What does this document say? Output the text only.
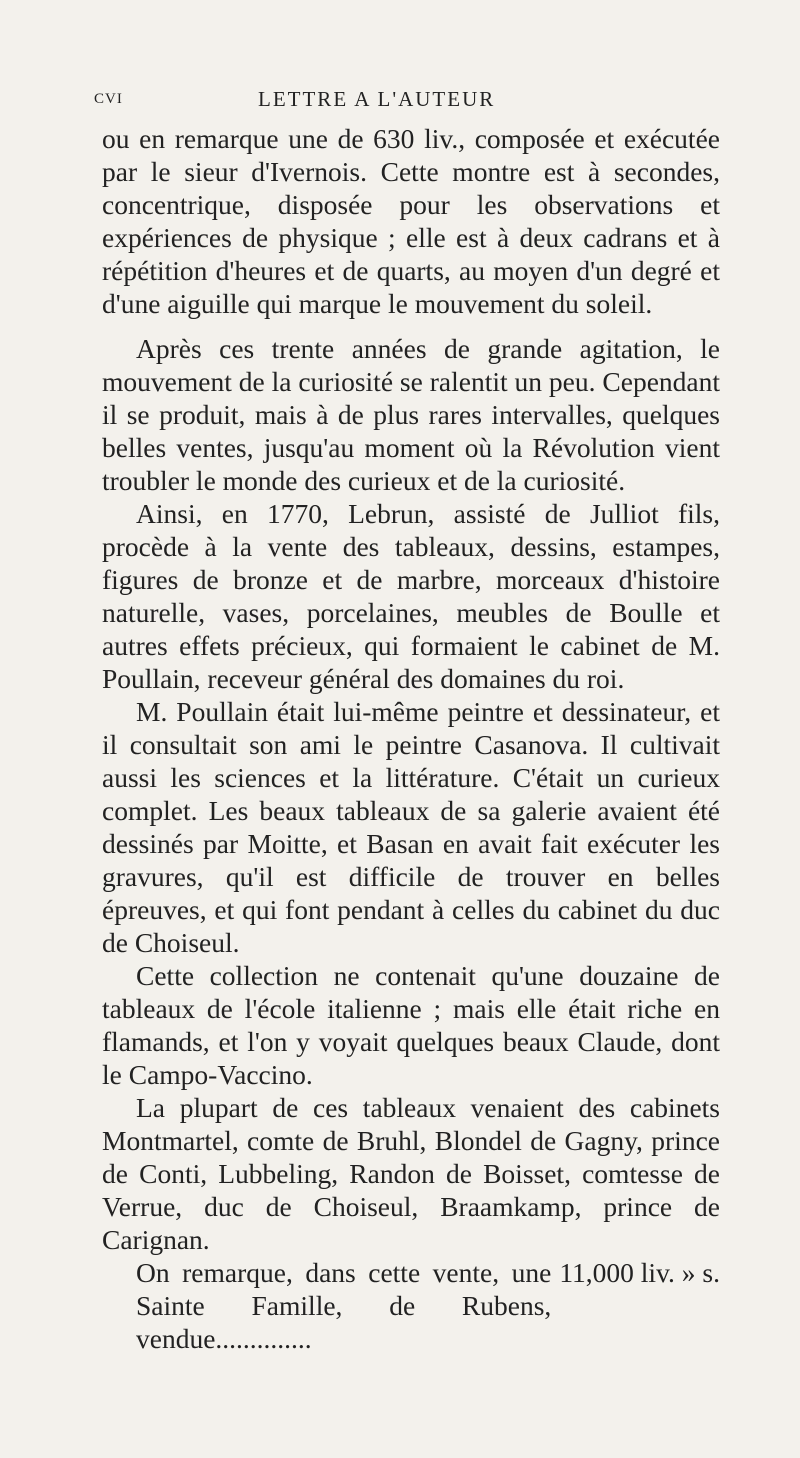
CVI	LETTRE A L'AUTEUR

ou en remarque une de 630 liv., composée et exécutée par le sieur d'Ivernois. Cette montre est à secondes, concentrique, disposée pour les observations et expériences de physique ; elle est à deux cadrans et à répétition d'heures et de quarts, au moyen d'un degré et d'une aiguille qui marque le mouvement du soleil.

Après ces trente années de grande agitation, le mouvement de la curiosité se ralentit un peu. Cependant il se produit, mais à de plus rares intervalles, quelques belles ventes, jusqu'au moment où la Révolution vient troubler le monde des curieux et de la curiosité.

Ainsi, en 1770, Lebrun, assisté de Julliot fils, procède à la vente des tableaux, dessins, estampes, figures de bronze et de marbre, morceaux d'histoire naturelle, vases, porcelaines, meubles de Boulle et autres effets précieux, qui formaient le cabinet de M. Poullain, receveur général des domaines du roi.

M. Poullain était lui-même peintre et dessinateur, et il consultait son ami le peintre Casanova. Il cultivait aussi les sciences et la littérature. C'était un curieux complet. Les beaux tableaux de sa galerie avaient été dessinés par Moitte, et Basan en avait fait exécuter les gravures, qu'il est difficile de trouver en belles épreuves, et qui font pendant à celles du cabinet du duc de Choiseul.

Cette collection ne contenait qu'une douzaine de tableaux de l'école italienne ; mais elle était riche en flamands, et l'on y voyait quelques beaux Claude, dont le Campo-Vaccino.

La plupart de ces tableaux venaient des cabinets Montmartel, comte de Bruhl, Blondel de Gagny, prince de Conti, Lubbeling, Randon de Boisset, comtesse de Verrue, duc de Choiseul, Braamkamp, prince de Carignan.

On remarque, dans cette vente, une Sainte Famille, de Rubens, vendue..............
11,000 liv. » s.
